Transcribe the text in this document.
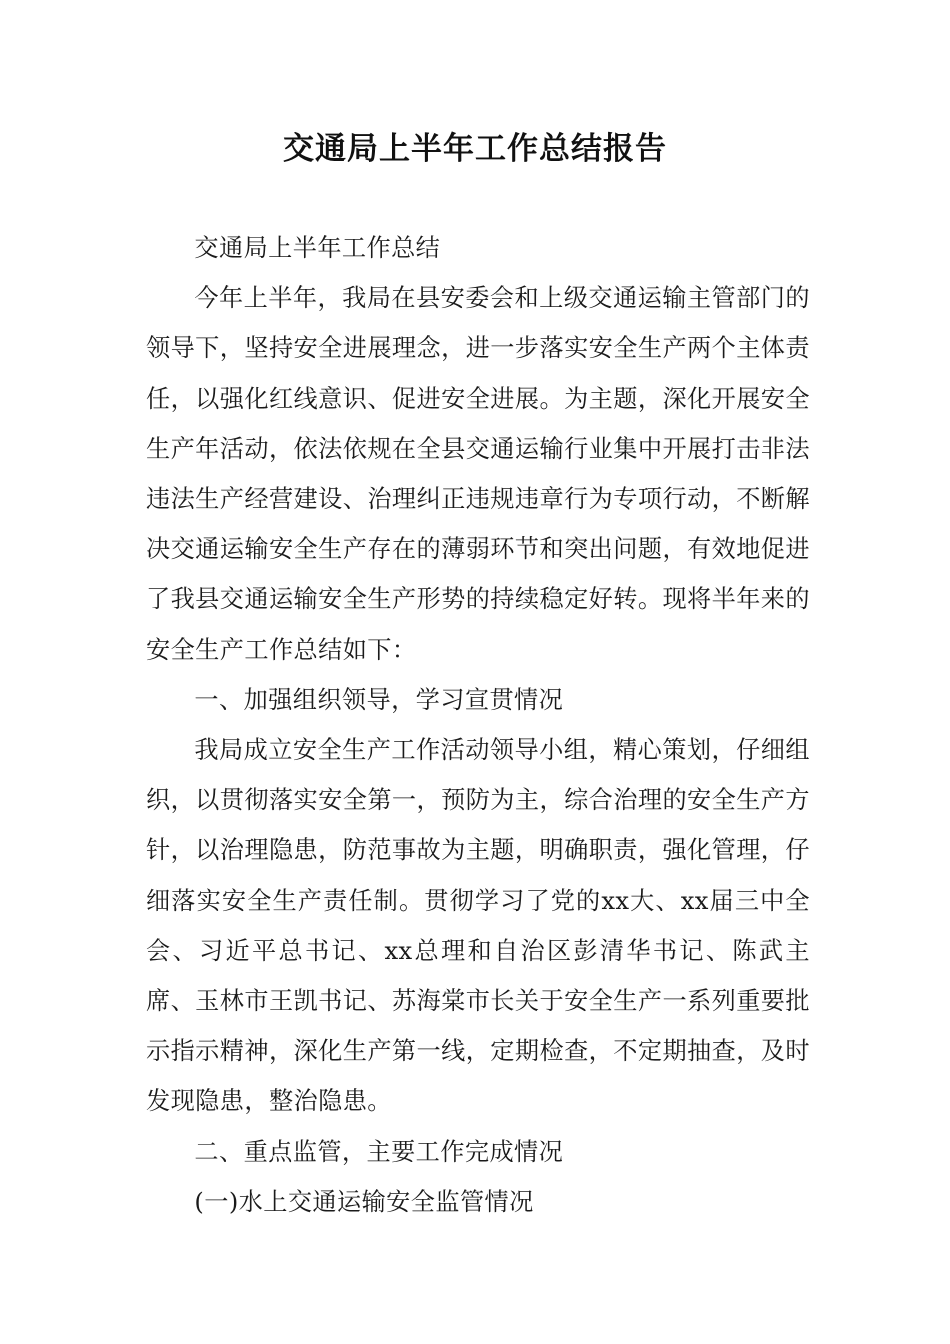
交通局上半年工作总结报告

交通局上半年工作总结

今年上半年，我局在县安委会和上级交通运输主管部门的领导下，坚持安全进展理念，进一步落实安全生产两个主体责任，以强化红线意识、促进安全进展。为主题，深化开展安全生产年活动，依法依规在全县交通运输行业集中开展打击非法违法生产经营建设、治理纠正违规违章行为专项行动，不断解决交通运输安全生产存在的薄弱环节和突出问题，有效地促进了我县交通运输安全生产形势的持续稳定好转。现将半年来的安全生产工作总结如下：

一、加强组织领导，学习宣贯情况

我局成立安全生产工作活动领导小组，精心策划，仔细组织，以贯彻落实安全第一，预防为主，综合治理的安全生产方针，以治理隐患，防范事故为主题，明确职责，强化管理，仔细落实安全生产责任制。贯彻学习了党的xx大、xx届三中全会、习近平总书记、xx总理和自治区彭清华书记、陈武主席、玉林市王凯书记、苏海棠市长关于安全生产一系列重要批示指示精神，深化生产第一线，定期检查，不定期抽查，及时发现隐患，整治隐患。

二、重点监管，主要工作完成情况

(一)水上交通运输安全监管情况
